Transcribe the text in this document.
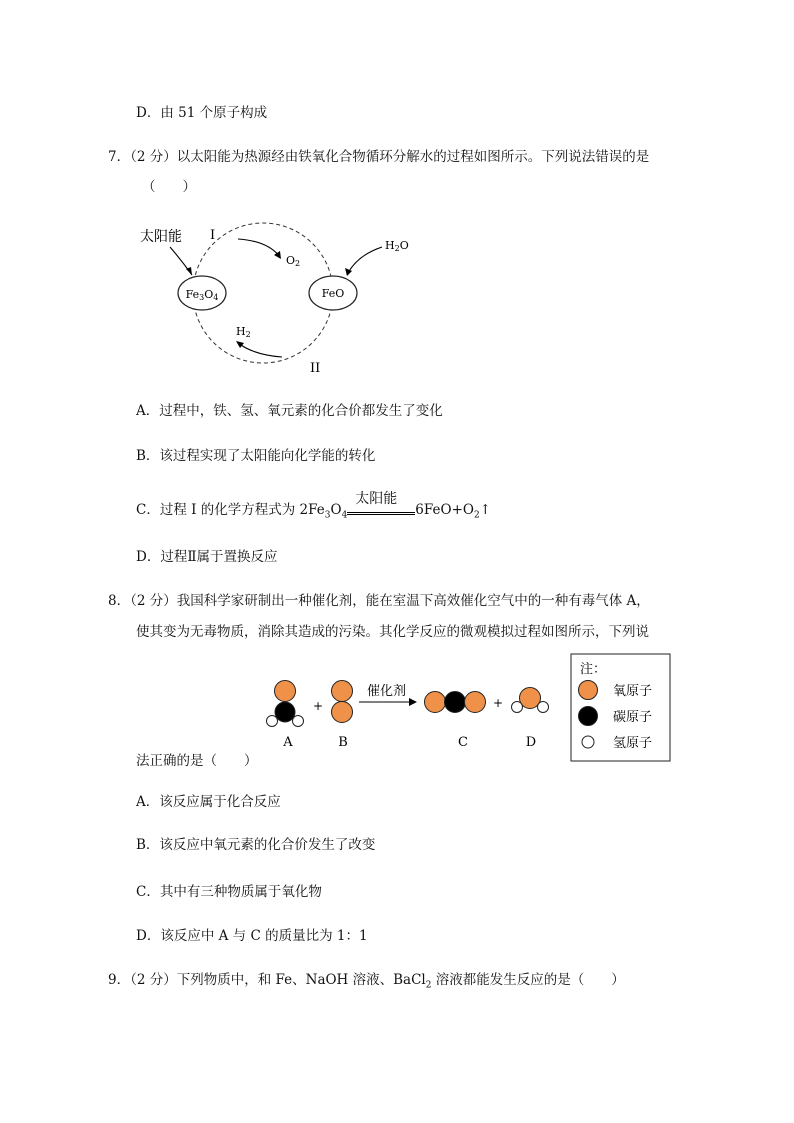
D．由 51 个原子构成
7．（2 分）以太阳能为热源经由铁氧化合物循环分解水的过程如图所示。下列说法错误的是
（　　）
Fe3O4	FeO
太阳能 I
O2
H2O
H2
II
A．过程中，铁、氢、氧元素的化合价都发生了变化
B．该过程实现了太阳能向化学能的转化
C．过程 I 的化学方程式为 $2Fe_3O_4$
太阳能
$6FeO+O_2↑$
D．过程Ⅱ属于置换反应
8．（2 分）我国科学家研制出一种催化剂，能在室温下高效催化空气中的一种有毒气体 A，
使其变为无毒物质，消除其造成的污染。其化学反应的微观模拟过程如图所示，下列说
A
+
B
催化剂
C
+
D
注：
氧原子
碳原子
氢原子
法正确的是（　　）
A．该反应属于化合反应
B．该反应中氧元素的化合价发生了改变
C．其中有三种物质属于氧化物
D．该反应中 A 与 C 的质量比为 1：1
9．（2 分）下列物质中，和 Fe、NaOH 溶液、BaCl$_2$ 溶液都能发生反应的是（　　）
